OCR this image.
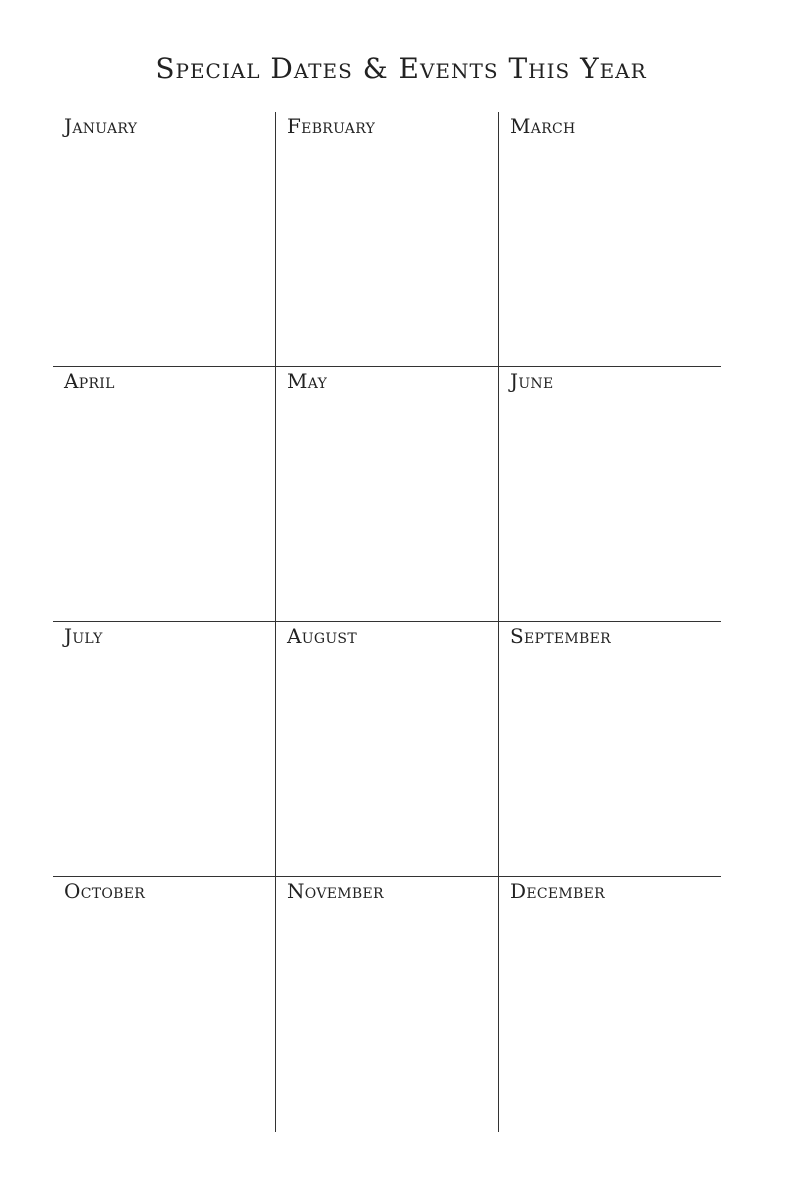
Special Dates & Events This Year
January	February	March
April	May	June
July	August	September
October	November	December
